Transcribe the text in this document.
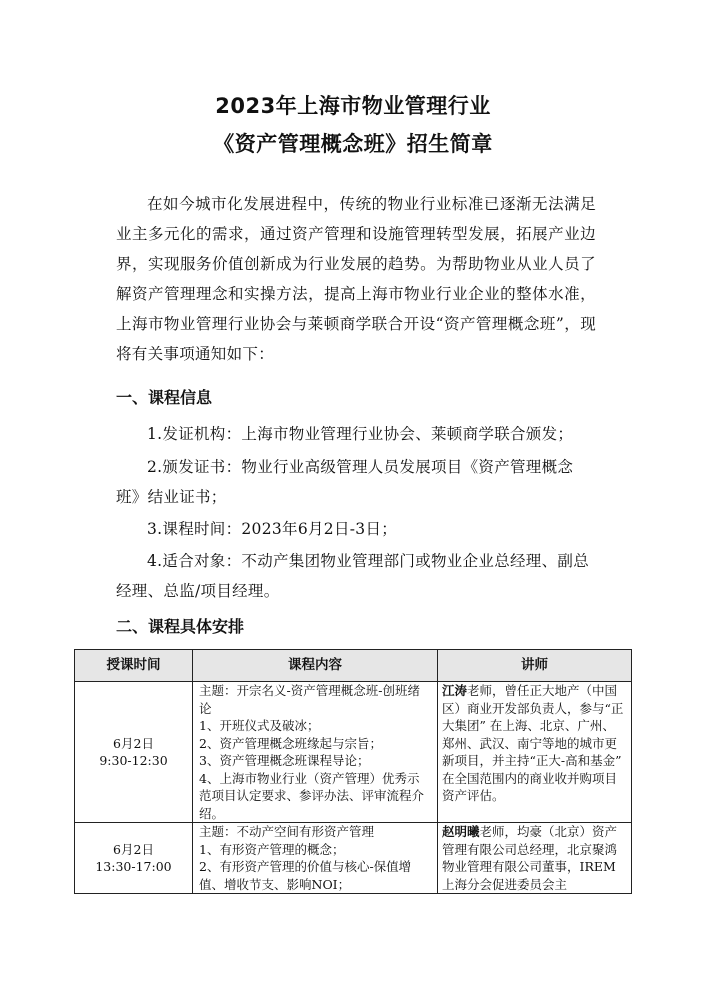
2023年上海市物业管理行业
《资产管理概念班》招生简章
在如今城市化发展进程中，传统的物业行业标准已逐渐无法满足业主多元化的需求，通过资产管理和设施管理转型发展，拓展产业边界，实现服务价值创新成为行业发展的趋势。为帮助物业从业人员了解资产管理理念和实操方法，提高上海市物业行业企业的整体水准，上海市物业管理行业协会与莱顿商学联合开设“资产管理概念班”，现将有关事项通知如下：
一、课程信息
1.发证机构：上海市物业管理行业协会、莱顿商学联合颁发；
2.颁发证书：物业行业高级管理人员发展项目《资产管理概念班》结业证书；
3.课程时间：2023年6月2日-3日；
4.适合对象：不动产集团物业管理部门或物业企业总经理、副总经理、总监/项目经理。
二、课程具体安排
授课时间	课程内容	讲师

6月2日
9:30-12:30	主题：开宗名义-资产管理概念班-创班绪论
1、开班仪式及破冰；
2、资产管理概念班缘起与宗旨；
3、资产管理概念班课程导论；
4、上海市物业行业（资产管理）优秀示范项目认定要求、参评办法、评审流程介绍。	江涛老师，曾任正大地产（中国区）商业开发部负责人，参与“正大集团” 在上海、北京、广州、郑州、武汉、南宁等地的城市更新项目，并主持“正大-高和基金” 在全国范围内的商业收并购项目资产评估。

6月2日
13:30-17:00	主题：不动产空间有形资产管理
1、有形资产管理的概念；
2、有形资产管理的价值与核心-保值增值、增收节支、影响NOI；	赵明曦老师，均豪（北京）资产管理有限公司总经理，北京聚鸿物业管理有限公司董事，IREM上海分会促进委员会主
